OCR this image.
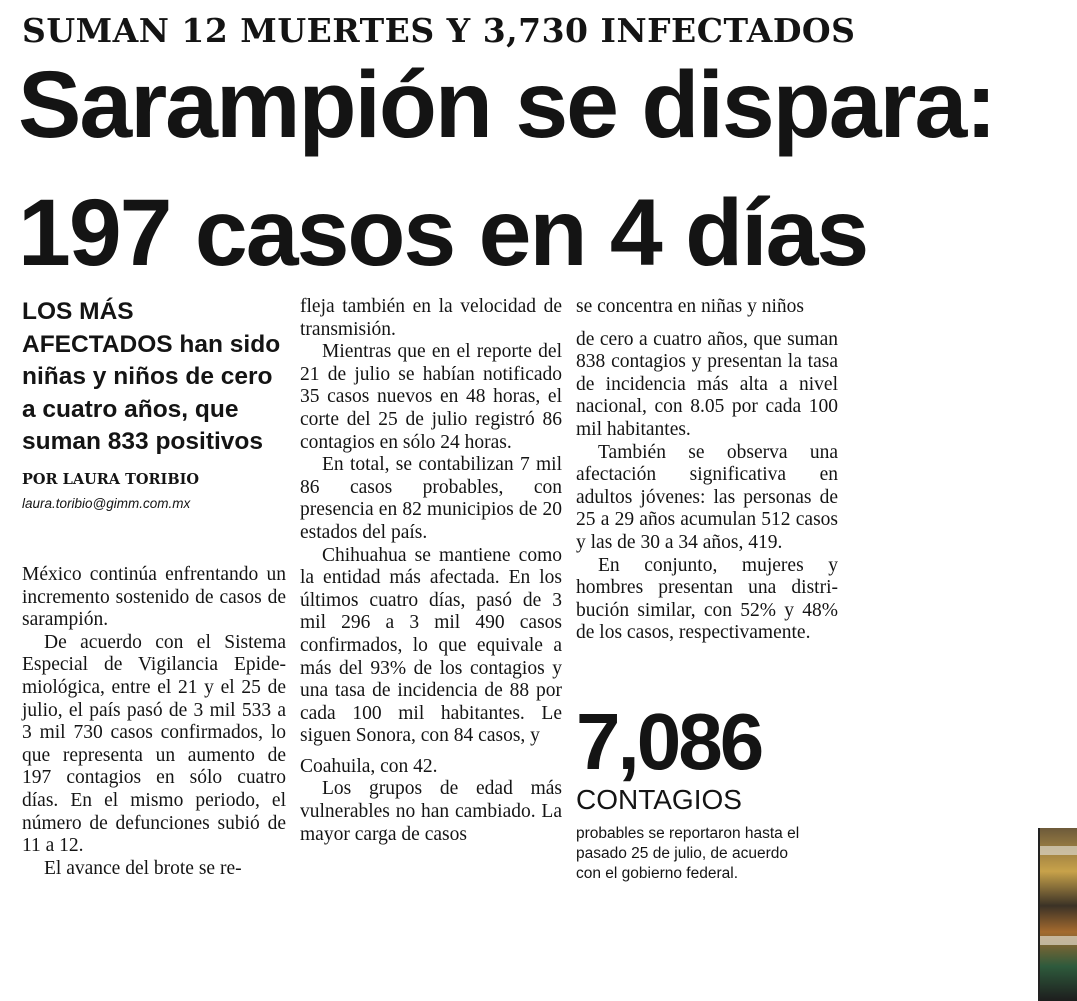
SUMAN 12 MUERTES Y 3,730 INFECTADOS
Sarampión se dispara:
197 casos en 4 días

LOS MÁS AFECTADOS han sido niñas y niños de cero a cuatro años, que suman 833 positivos

POR LAURA TORIBIO
laura.toribio@gimm.com.mx

México continúa enfrentando un incremento sostenido de casos de sarampión.

De acuerdo con el Sistema Especial de Vigilancia Epidemiológica, entre el 21 y el 25 de julio, el país pasó de 3 mil 533 a 3 mil 730 casos confirmados, lo que representa un aumento de 197 contagios en sólo cuatro días. En el mismo periodo, el número de defunciones subió de 11 a 12.

El avance del brote se re-

fleja también en la velocidad de transmisión.

Mientras que en el reporte del 21 de julio se habían notificado 35 casos nuevos en 48 horas, el corte del 25 de julio registró 86 contagios en sólo 24 horas.

En total, se contabilizan 7 mil 86 casos probables, con presencia en 82 municipios de 20 estados del país.

Chihuahua se mantiene como la entidad más afectada. En los últimos cuatro días, pasó de 3 mil 296 a 3 mil 490 casos confirmados, lo que equivale a más del 93% de los contagios y una tasa de incidencia de 88 por cada 100 mil habitantes. Le siguen Sonora, con 84 casos, y

Coahuila, con 42.

Los grupos de edad más vulnerables no han cambiado. La mayor carga de casos

se concentra en niñas y niños

de cero a cuatro años, que suman 838 contagios y presentan la tasa de incidencia más alta a nivel nacional, con 8.05 por cada 100 mil habitantes.

También se observa una afectación significativa en adultos jóvenes: las personas de 25 a 29 años acumulan 512 casos y las de 30 a 34 años, 419.

En conjunto, mujeres y hombres presentan una distribución similar, con 52% y 48% de los casos, respectivamente.

7,086
CONTAGIOS
probables se reportaron hasta el pasado 25 de julio, de acuerdo con el gobierno federal.
